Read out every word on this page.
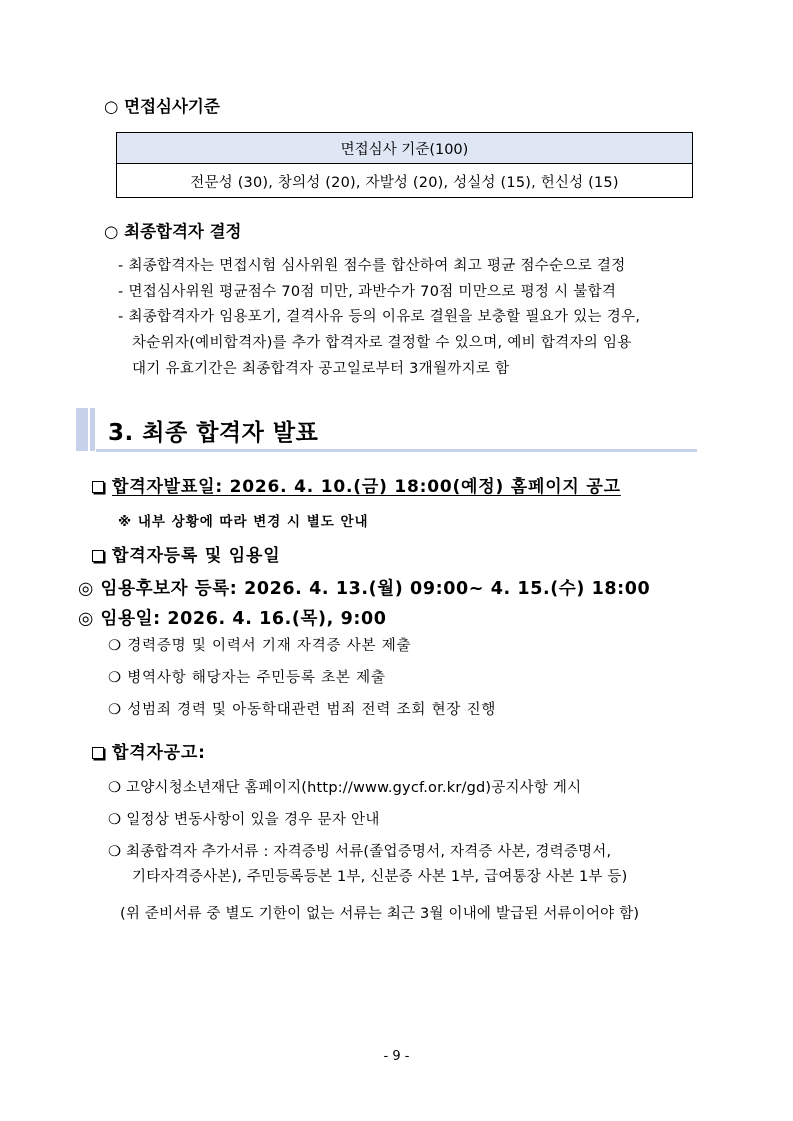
○ 면접심사기준
면접심사 기준(100)
전문성 (30), 창의성 (20), 자발성 (20), 성실성 (15), 헌신성 (15)
○ 최종합격자 결정
- 최종합격자는 면접시험 심사위원 점수를 합산하여 최고 평균 점수순으로 결정
- 면접심사위원 평균점수 70점 미만, 과반수가 70점 미만으로 평정 시 불합격
- 최종합격자가 임용포기, 결격사유 등의 이유로 결원을 보충할 필요가 있는 경우,
차순위자(예비합격자)를 추가 합격자로 결정할 수 있으며, 예비 합격자의 임용
대기 유효기간은 최종합격자 공고일로부터 3개월까지로 함
3. 최종 합격자 발표
합격자발표일: 2026. 4. 10.(금) 18:00(예정) 홈페이지 공고
※ 내부 상황에 따라 변경 시 별도 안내
합격자등록 및 임용일
◎ 임용후보자 등록: 2026. 4. 13.(월) 09:00~ 4. 15.(수) 18:00
◎ 임용일: 2026. 4. 16.(목), 9:00
❍ 경력증명 및 이력서 기재 자격증 사본 제출
❍ 병역사항 해당자는 주민등록 초본 제출
❍ 성범죄 경력 및 아동학대관련 범죄 전력 조회 현장 진행
합격자공고:
❍ 고양시청소년재단 홈페이지(http://www.gycf.or.kr/gd)공지사항 게시
❍ 일정상 변동사항이 있을 경우 문자 안내
❍ 최종합격자 추가서류 : 자격증빙 서류(졸업증명서, 자격증 사본, 경력증명서,
기타자격증사본), 주민등록등본 1부, 신분증 사본 1부, 급여통장 사본 1부 등)
(위 준비서류 중 별도 기한이 없는 서류는 최근 3월 이내에 발급된 서류이어야 함)
- 9 -
